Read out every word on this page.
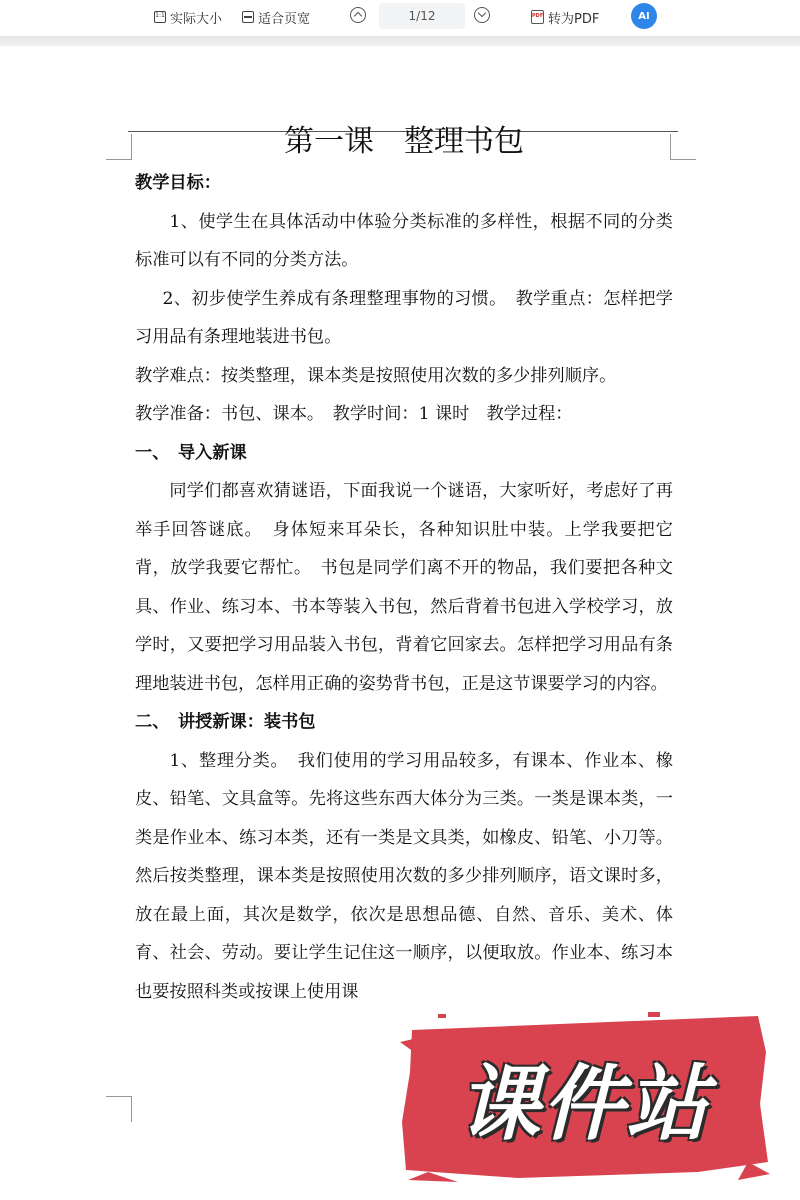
1:1
实际大小	适合页宽	1/12	PDF 转为PDF	AI
第一课　整理书包

教学目标：

1、使学生在具体活动中体验分类标准的多样性，根据不同的分类标准可以有不同的分类方法。

2、初步使学生养成有条理整理事物的习惯。　教学重点：怎样把学习用品有条理地装进书包。

教学难点：按类整理，课本类是按照使用次数的多少排列顺序。

教学准备：书包、课本。　教学时间：1 课时　教学过程：

一、　导入新课

同学们都喜欢猜谜语，下面我说一个谜语，大家听好，考虑好了再举手回答谜底。　身体短来耳朵长，各种知识肚中装。上学我要把它背，放学我要它帮忙。　书包是同学们离不开的物品，我们要把各种文具、作业、练习本、书本等装入书包，然后背着书包进入学校学习，放学时，又要把学习用品装入书包，背着它回家去。怎样把学习用品有条理地装进书包，怎样用正确的姿势背书包，正是这节课要学习的内容。

二、　讲授新课：装书包

1、整理分类。　我们使用的学习用品较多，有课本、作业本、橡皮、铅笔、文具盒等。先将这些东西大体分为三类。一类是课本类，一类是作业本、练习本类，还有一类是文具类，如橡皮、铅笔、小刀等。然后按类整理，课本类是按照使用次数的多少排列顺序，语文课时多，放在最上面，其次是数学，依次是思想品德、自然、音乐、美术、体育、社会、劳动。要让学生记住这一顺序，以便取放。作业本、练习本也要按照科类或按课上使用课

课件站
